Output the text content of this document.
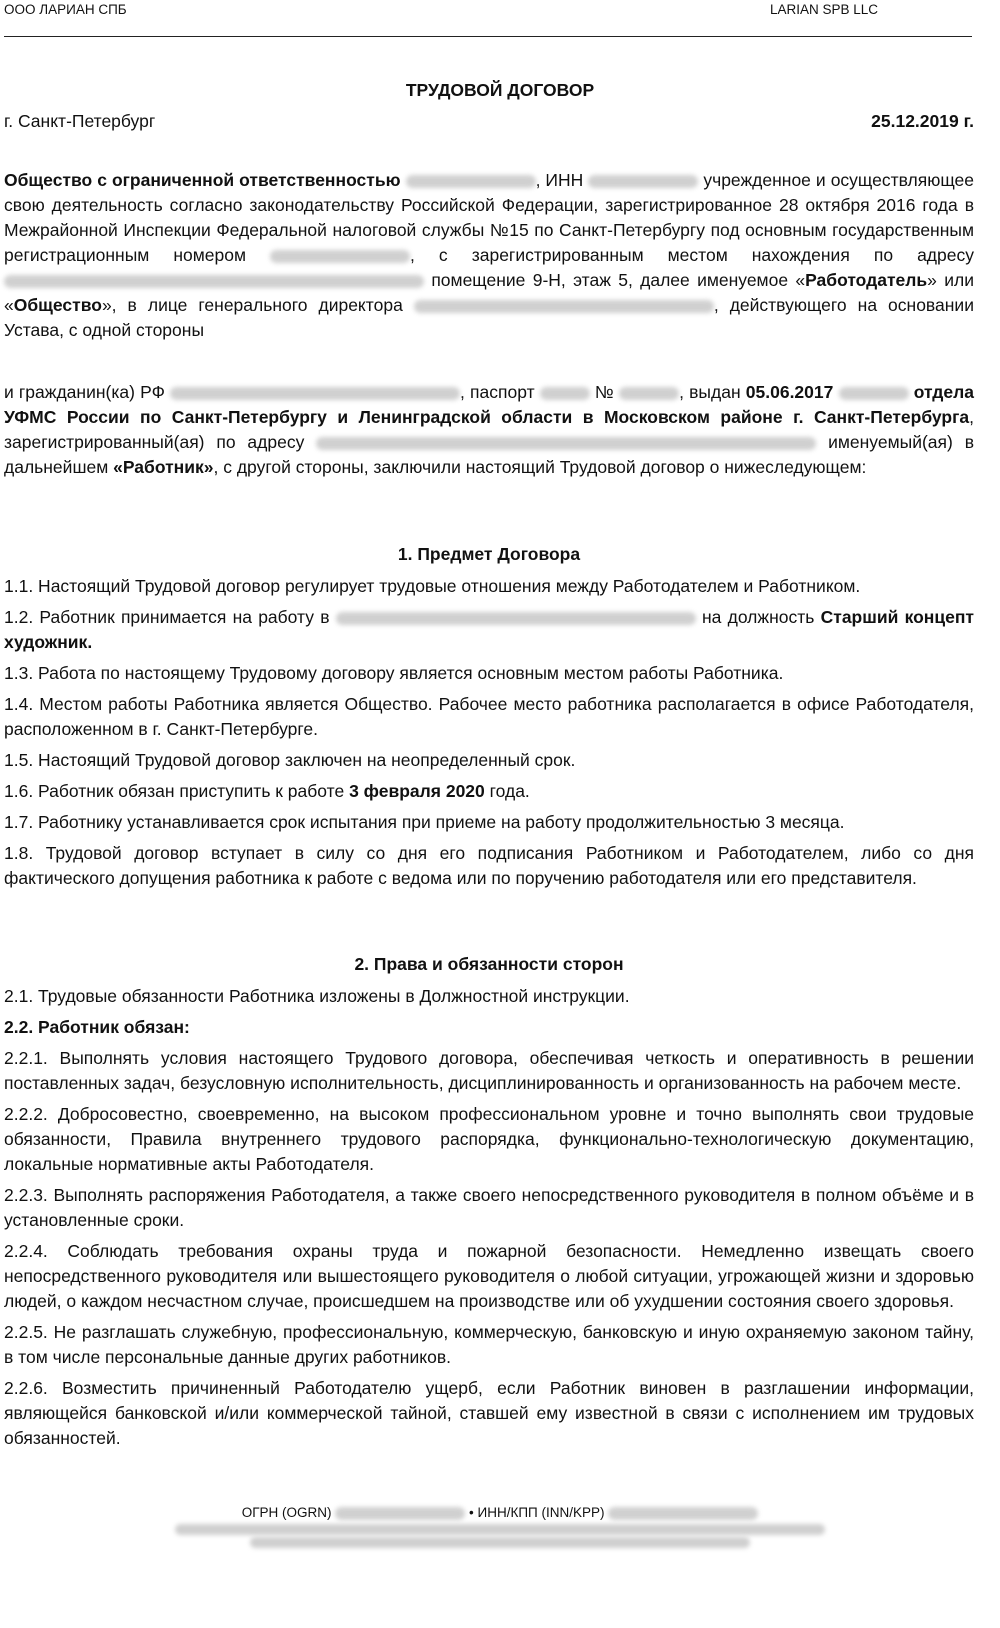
ООО ЛАРИАН СПБ	LARIAN SPB LLC
ТРУДОВОЙ ДОГОВОР
г. Санкт-Петербург	25.12.2019 г.

Общество с ограниченной ответственностью	, ИНН	учрежденное и осуществляющее свою деятельность согласно законодательству Российской Федерации, зарегистрированное 28 октября 2016 года в Межрайонной Инспекции Федеральной налоговой службы №15 по Санкт-Петербургу под основным государственным регистрационным номером	, с зарегистрированным местом нахождения по адресу  помещение 9-Н, этаж 5, далее именуемое «Работодатель» или «Общество», в лице генерального директора	, действующего на основании Устава, с одной стороны

и гражданин(ка) РФ	, паспорт	№	, выдан 05.06.2017	отдела УФМС России по Санкт-Петербургу и Ленинградской области в Московском районе г. Санкт-Петербурга, зарегистрированный(ая) по адресу	именуемый(ая) в дальнейшем «Работник», с другой стороны, заключили настоящий Трудовой договор о нижеследующем:

1. Предмет Договора

1.1. Настоящий Трудовой договор регулирует трудовые отношения между Работодателем и Работником.

1.2. Работник принимается на работу в	на должность Старший концепт художник.

1.3. Работа по настоящему Трудовому договору является основным местом работы Работника.

1.4. Местом работы Работника является Общество. Рабочее место работника располагается в офисе Работодателя, расположенном в г. Санкт-Петербурге.

1.5. Настоящий Трудовой договор заключен на неопределенный срок.

1.6. Работник обязан приступить к работе 3 февраля 2020 года.

1.7. Работнику устанавливается срок испытания при приеме на работу продолжительностью 3 месяца.

1.8. Трудовой договор вступает в силу со дня его подписания Работником и Работодателем, либо со дня фактического допущения работника к работе с ведома или по поручению работодателя или его представителя.

2. Права и обязанности сторон

2.1. Трудовые обязанности Работника изложены в Должностной инструкции.

2.2. Работник обязан:

2.2.1. Выполнять условия настоящего Трудового договора, обеспечивая четкость и оперативность в решении поставленных задач, безусловную исполнительность, дисциплинированность и организованность на рабочем месте.

2.2.2. Добросовестно, своевременно, на высоком профессиональном уровне и точно выполнять свои трудовые обязанности, Правила внутреннего трудового распорядка, функционально-технологическую документацию, локальные нормативные акты Работодателя.

2.2.3. Выполнять распоряжения Работодателя, а также своего непосредственного руководителя в полном объёме и в установленные сроки.

2.2.4. Соблюдать требования охраны труда и пожарной безопасности. Немедленно извещать своего непосредственного руководителя или вышестоящего руководителя о любой ситуации, угрожающей жизни и здоровью людей, о каждом несчастном случае, происшедшем на производстве или об ухудшении состояния своего здоровья.

2.2.5. Не разглашать служебную, профессиональную, коммерческую, банковскую и иную охраняемую законом тайну, в том числе персональные данные других работников.

2.2.6. Возместить причиненный Работодателю ущерб, если Работник виновен в разглашении информации, являющейся банковской и/или коммерческой тайной, ставшей ему известной в связи с исполнением им трудовых обязанностей.

ОГРН (OGRN)	• ИНН/КПП (INN/KPP)
